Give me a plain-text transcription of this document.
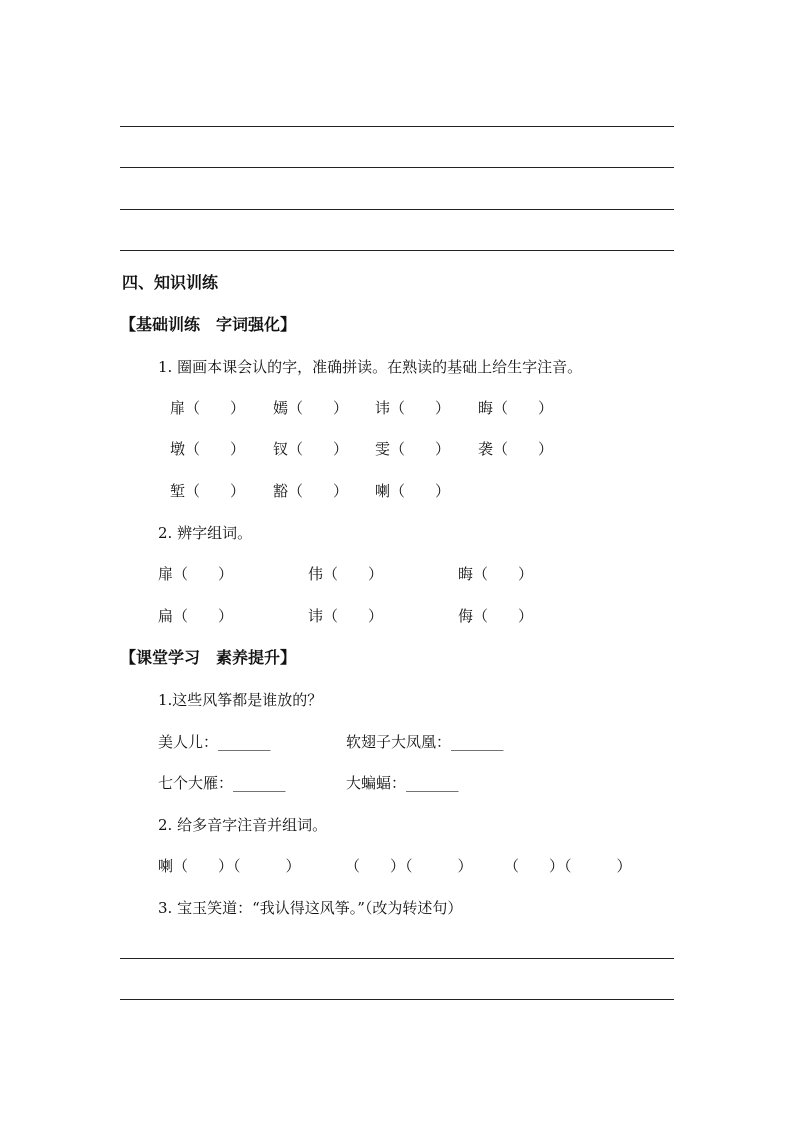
四、知识训练
【基础训练　字词强化】
1. 圈画本课会认的字，准确拼读。在熟读的基础上给生字注音。
扉（　　） 嫣（　　） 讳（　　） 晦（　　）
墩（　　） 钗（　　） 雯（　　） 袭（　　）
堑（　　） 豁（　　） 喇（　　）
2. 辨字组词。
扉（　　）	伟（　　）	晦（　　）
扁（　　）	讳（　　）	侮（　　）
【课堂学习　素养提升】
1.这些风筝都是谁放的？
美人儿：_______	软翅子大凤凰：_______
七个大雁：_______	大蝙蝠：_______
2. 给多音字注音并组词。
喇（　　）（　　　）	（　　）（　　　） （　　）（　　　）
3. 宝玉笑道：“我认得这风筝。”（改为转述句）
